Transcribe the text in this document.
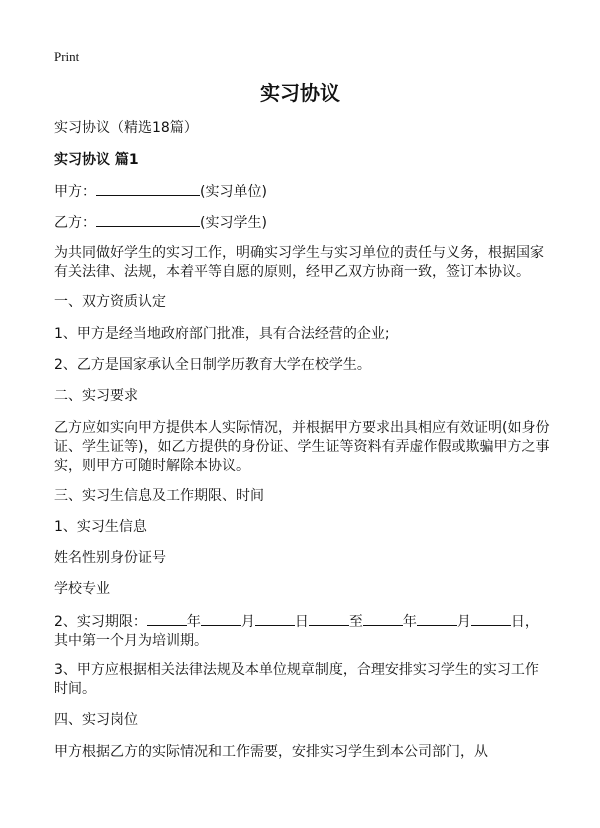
Print
实习协议
实习协议（精选18篇）
实习协议 篇1
甲方：	(实习单位)
乙方：	(实习学生)
为共同做好学生的实习工作，明确实习学生与实习单位的责任与义务，根据国家有关法律、法规，本着平等自愿的原则，经甲乙双方协商一致，签订本协议。
一、双方资质认定
1、甲方是经当地政府部门批准，具有合法经营的企业;
2、乙方是国家承认全日制学历教育大学在校学生。
二、实习要求
乙方应如实向甲方提供本人实际情况，并根据甲方要求出具相应有效证明(如身份证、学生证等)，如乙方提供的身份证、学生证等资料有弄虚作假或欺骗甲方之事实，则甲方可随时解除本协议。
三、实习生信息及工作期限、时间
1、实习生信息
姓名性别身份证号
学校专业
2、实习期限：	年	月	日	至	年	月	日，
其中第一个月为培训期。
3、甲方应根据相关法律法规及本单位规章制度，合理安排实习学生的实习工作时间。
四、实习岗位
甲方根据乙方的实际情况和工作需要，安排实习学生到本公司部门，从
